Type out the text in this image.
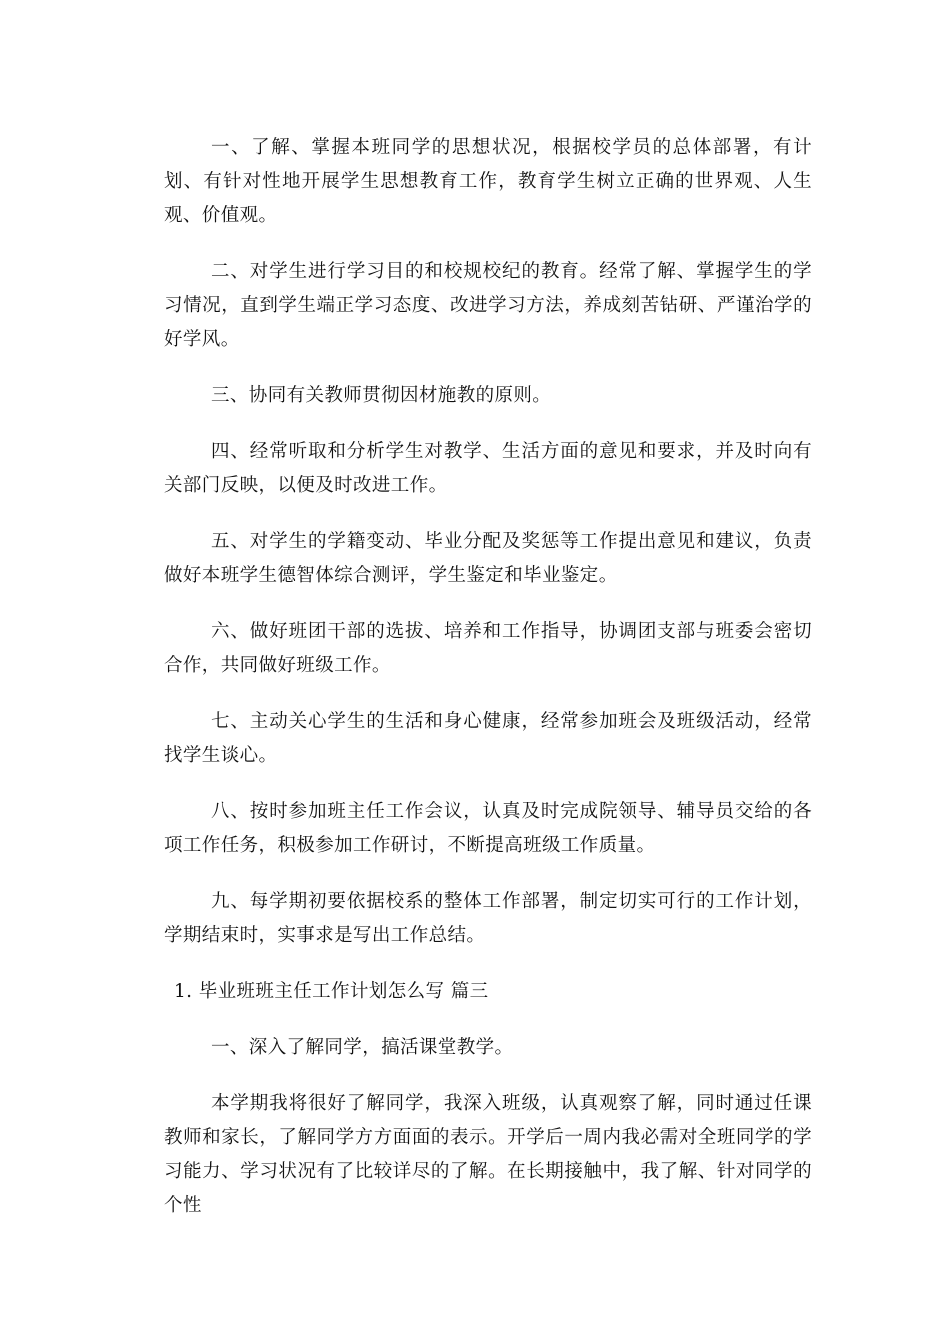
一、了解、掌握本班同学的思想状况，根据校学员的总体部署，有计划、有针对性地开展学生思想教育工作，教育学生树立正确的世界观、人生观、价值观。

二、对学生进行学习目的和校规校纪的教育。经常了解、掌握学生的学习情况，直到学生端正学习态度、改进学习方法，养成刻苦钻研、严谨治学的好学风。

三、协同有关教师贯彻因材施教的原则。

四、经常听取和分析学生对教学、生活方面的意见和要求，并及时向有关部门反映，以便及时改进工作。

五、对学生的学籍变动、毕业分配及奖惩等工作提出意见和建议，负责做好本班学生德智体综合测评，学生鉴定和毕业鉴定。

六、做好班团干部的选拔、培养和工作指导，协调团支部与班委会密切合作，共同做好班级工作。

七、主动关心学生的生活和身心健康，经常参加班会及班级活动，经常找学生谈心。

八、按时参加班主任工作会议，认真及时完成院领导、辅导员交给的各项工作任务，积极参加工作研讨，不断提高班级工作质量。

九、每学期初要依据校系的整体工作部署，制定切实可行的工作计划，学期结束时，实事求是写出工作总结。

1. 毕业班班主任工作计划怎么写 篇三

一、深入了解同学，搞活课堂教学。

本学期我将很好了解同学，我深入班级，认真观察了解，同时通过任课教师和家长，了解同学方方面面的表示。开学后一周内我必需对全班同学的学习能力、学习状况有了比较详尽的了解。在长期接触中，我了解、针对同学的个性
